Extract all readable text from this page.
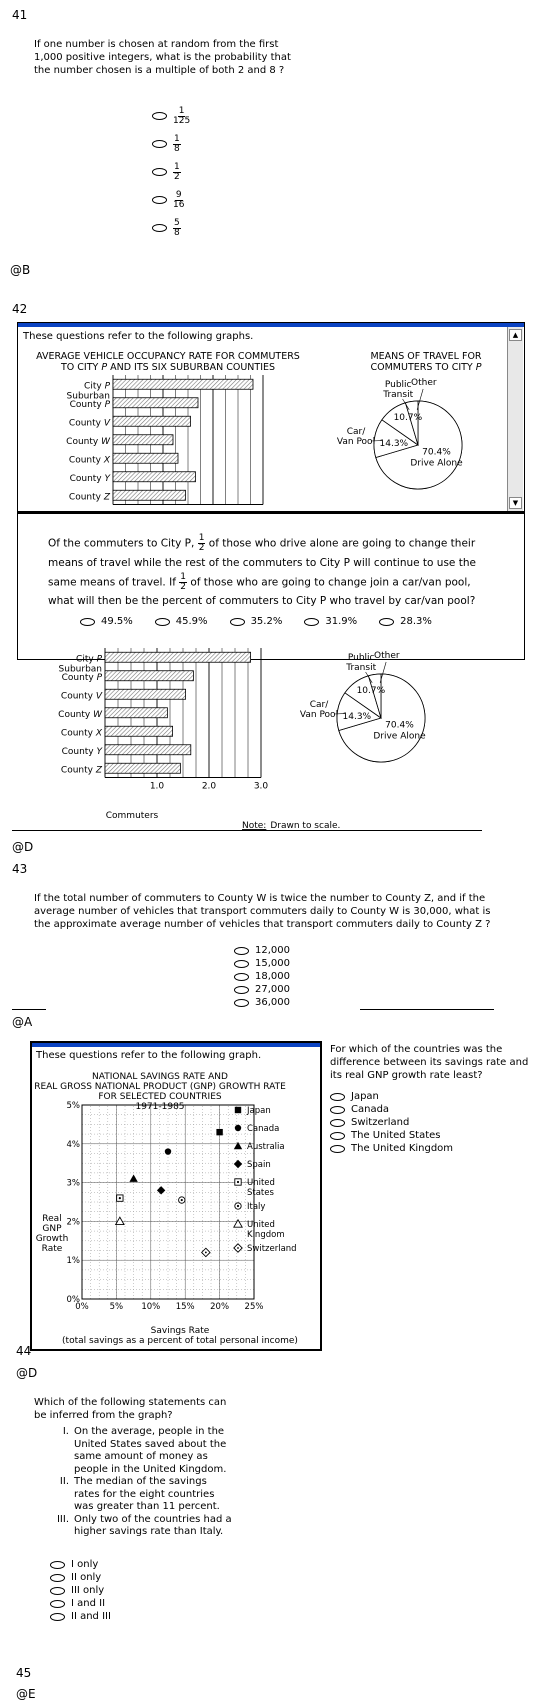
41
If one number is chosen at random from the first 1,000 positive integers, what is the probability that the number chosen is a multiple of both 2 and 8 ?
$\frac{1}{125}$
$\frac{1}{8}$
$\frac{1}{2}$
$\frac{9}{16}$
$\frac{5}{8}$
@B
42
These questions refer to the following graphs.	▲
▼
AVERAGE VEHICLE OCCUPANCY RATE FOR COMMUTERS
TO CITY P AND ITS SIX SUBURBAN COUNTIES
MEANS OF TRAVEL FOR
COMMUTERS TO CITY P
City P
Suburban
County P
County V
County W
County X
County Y
County Z
70.4%
Drive Alone
14.3%
10.7%
Car/
Van Pool
Public
Transit
Other
Of the commuters to City P, $\frac{1}{2}$ of those who drive alone are going to change their means of travel while the rest of the commuters to City P will continue to use the same means of travel. If $\frac{1}{2}$ of those who are going to change join a car/van pool, what will then be the percent of commuters to City P who travel by car/van pool?
49.5%	45.9%	35.2%	31.9%	28.3%
City P
Suburban
County P
County V
County W
County X
County Y
County Z
1.0	2.0	3.0
70.4%
Drive Alone
14.3%
10.7%
Car/
Van Pool
Public
Transit
Other
Commuters
Note: Drawn to scale.
@D
43
If the total number of commuters to County W is twice the number to County Z, and if the average number of vehicles that transport commuters daily to County W is 30,000, what is the approximate average number of vehicles that transport commuters daily to County Z ?
12,000
15,000
18,000
27,000
36,000
@A
These questions refer to the following graph.
NATIONAL SAVINGS RATE AND
REAL GROSS NATIONAL PRODUCT (GNP) GROWTH RATE
FOR SELECTED COUNTRIES
1971-1985
Real
GNP
Growth
Rate
Savings Rate
(total savings as a percent of total personal income)
0%
1%
2%
3%
4%
5%
0% 5% 10% 15% 20% 25%
Japan
Canada
Australia
Spain
United
States
Italy
United
Kingdom
Switzerland
For which of the countries was the difference between its savings rate and its real GNP growth rate least?
Japan
Canada
Switzerland
The United States
The United Kingdom
44
@D
Which of the following statements can be inferred from the graph?
I. On the average, people in the United States saved about the same amount of money as people in the United Kingdom.
II. The median of the savings rates for the eight countries was greater than 11 percent.
III. Only two of the countries had a higher savings rate than Italy.
I only
II only
III only
I and II
II and III
45
@E
